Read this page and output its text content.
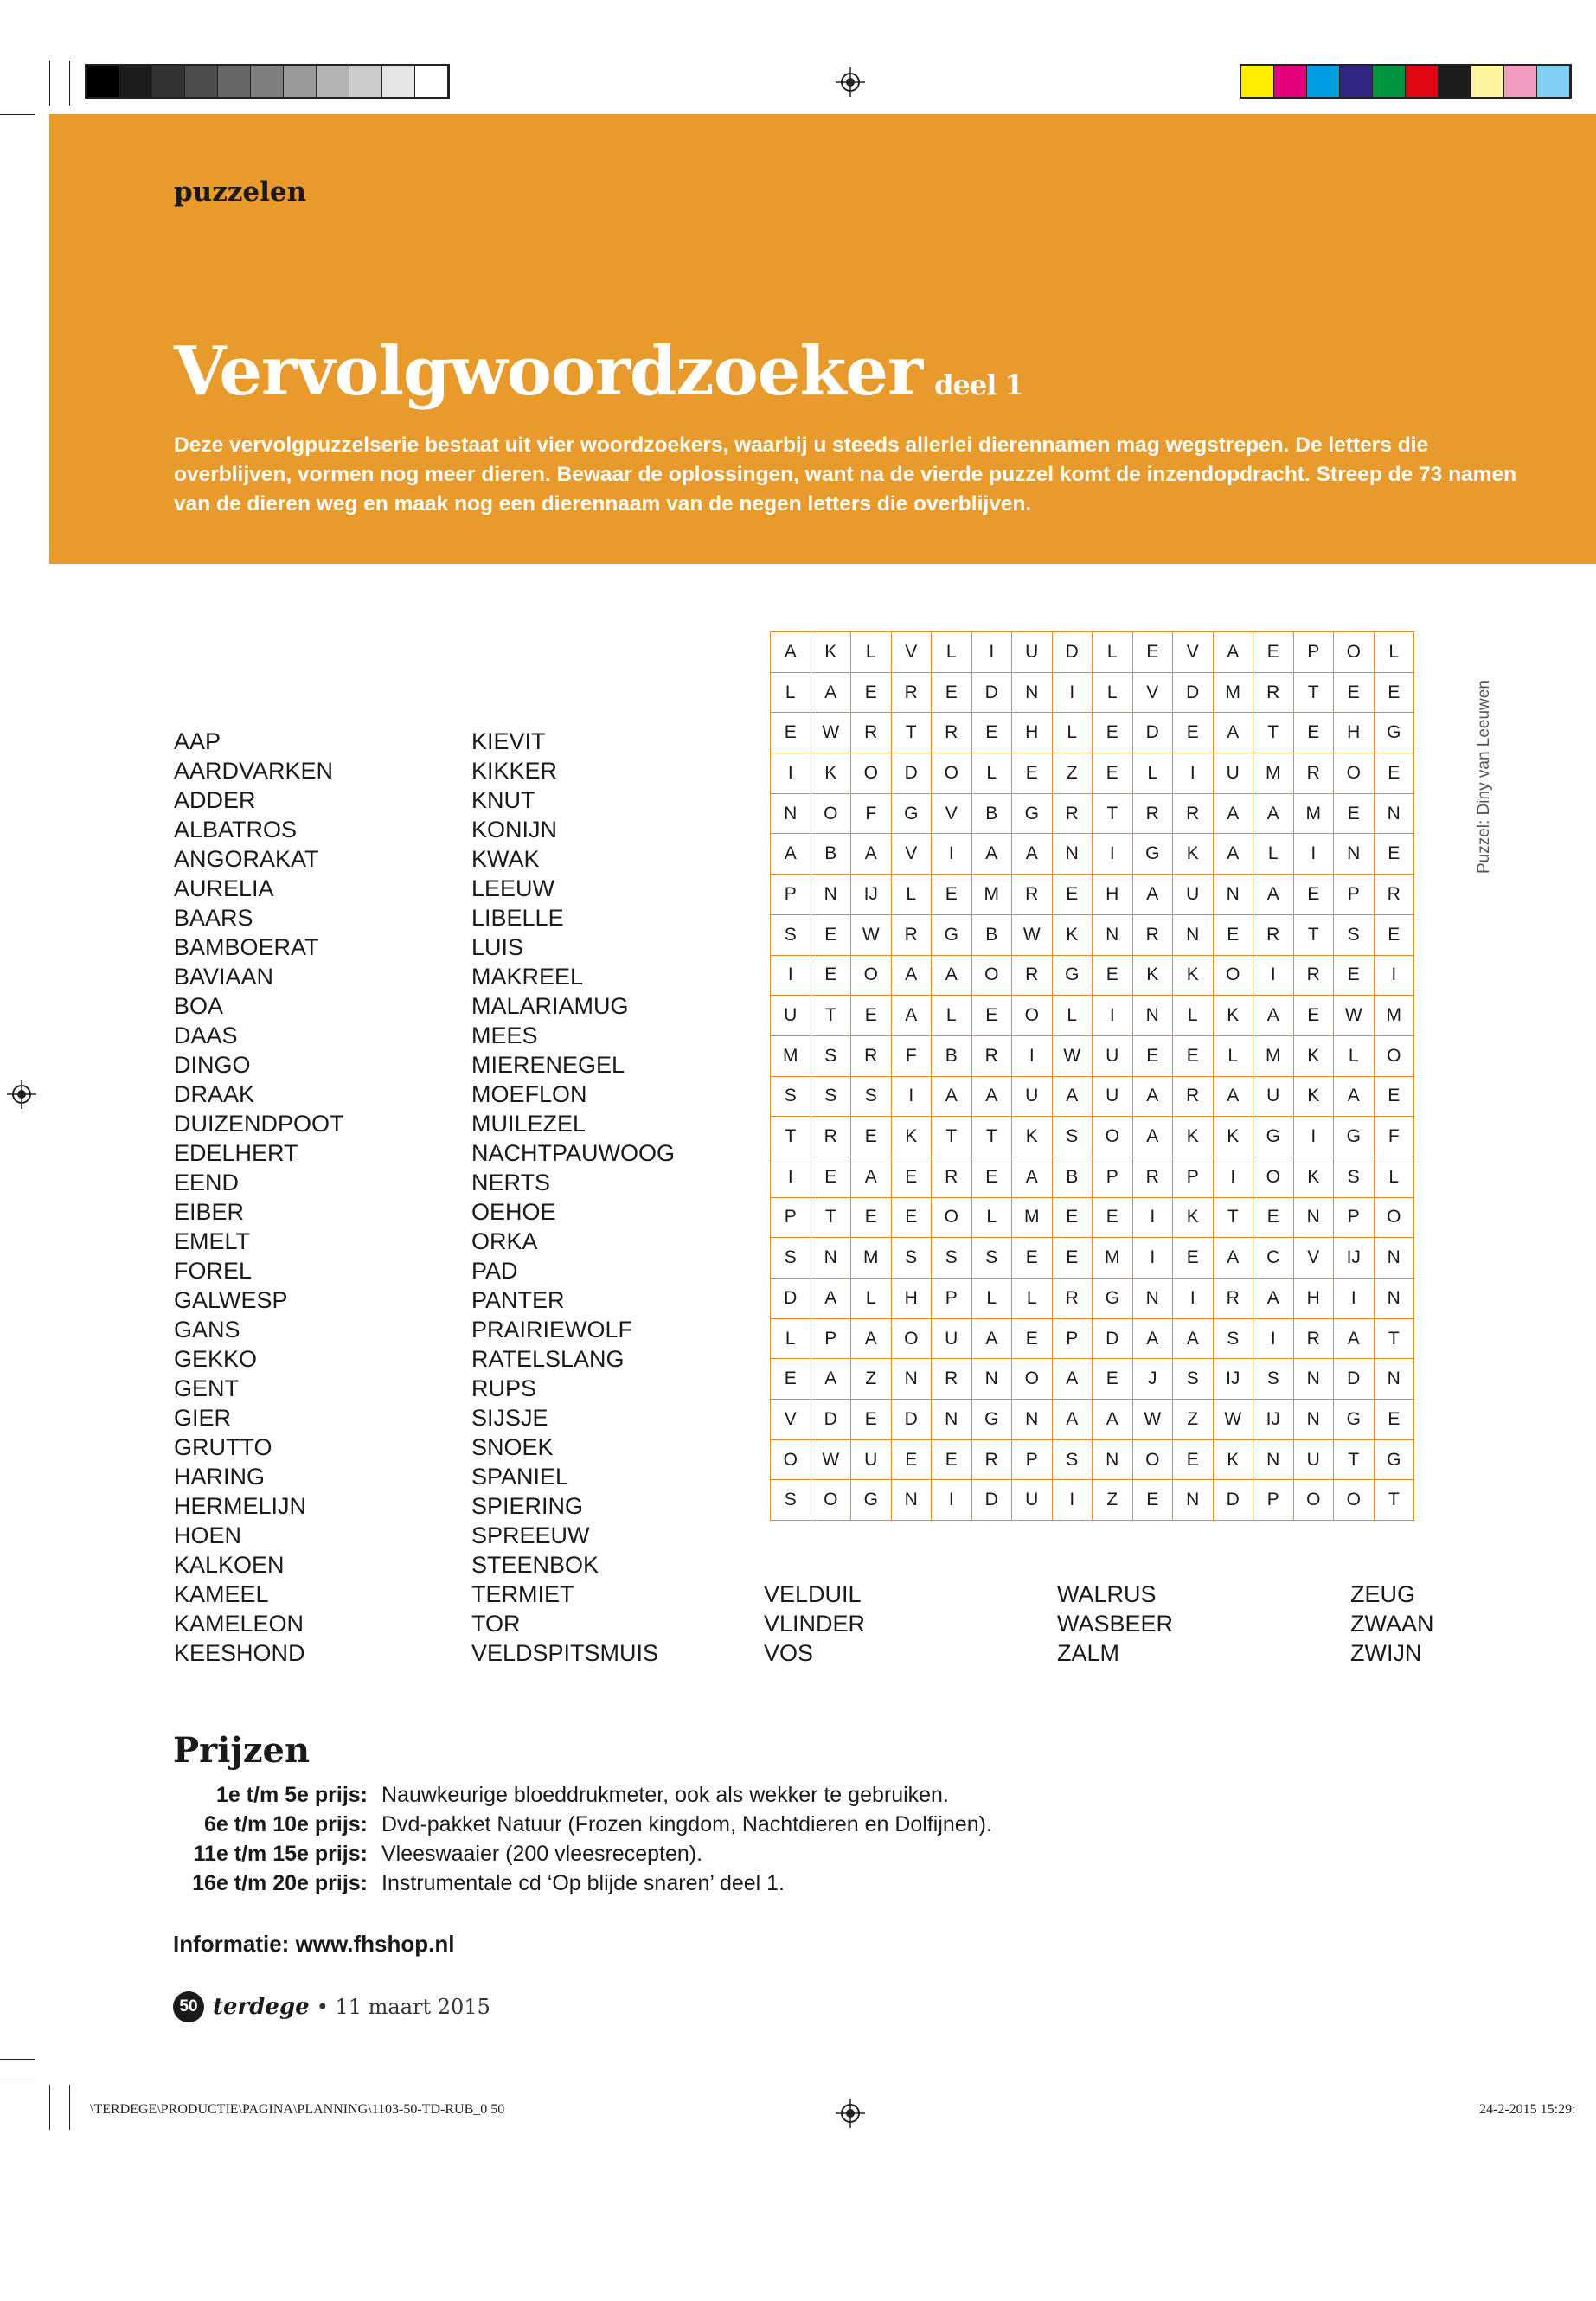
puzzelen
Vervolgwoordzoeker deel 1
Deze vervolgpuzzelserie bestaat uit vier woordzoekers, waarbij u steeds allerlei dierennamen mag wegstrepen. De letters die overblijven, vormen nog meer dieren. Bewaar de oplossingen, want na de vierde puzzel komt de inzendopdracht. Streep de 73 namen van de dieren weg en maak nog een dierennaam van de negen letters die overblijven.
AAP
AARDVARKEN
ADDER
ALBATROS
ANGORAKAT
AURELIA
BAARS
BAMBOERAT
BAVIAAN
BOA
DAAS
DINGO
DRAAK
DUIZENDPOOT
EDELHERT
EEND
EIBER
EMELT
FOREL
GALWESP
GANS
GEKKO
GENT
GIER
GRUTTO
HARING
HERMELIJN
HOEN
KALKOEN
KAMEEL
KAMELEON
KEESHOND
KIEVIT
KIKKER
KNUT
KONIJN
KWAK
LEEUW
LIBELLE
LUIS
MAKREEL
MALARIAMUG
MEES
MIERENEGEL
MOEFLON
MUILEZEL
NACHTPAUWOOG
NERTS
OEHOE
ORKA
PAD
PANTER
PRAIRIEWOLF
RATELSLANG
RUPS
SIJSJE
SNOEK
SPANIEL
SPIERING
SPREEUW
STEENBOK
TERMIET
TOR
VELDSPITSMUIS
A	K	L	V	L	I	U	D	L	E	V	A	E	P	O	L
L	A	E	R	E	D	N	I	L	V	D	M	R	T	E	E
E	W	R	T	R	E	H	L	E	D	E	A	T	E	H	G
I	K	O	D	O	L	E	Z	E	L	I	U	M	R	O	E
N	O	F	G	V	B	G	R	T	R	R	A	A	M	E	N
A	B	A	V	I	A	A	N	I	G	K	A	L	I	N	E
P	N	IJ	L	E	M	R	E	H	A	U	N	A	E	P	R
S	E	W	R	G	B	W	K	N	R	N	E	R	T	S	E
I	E	O	A	A	O	R	G	E	K	K	O	I	R	E	I
U	T	E	A	L	E	O	L	I	N	L	K	A	E	W	M
M	S	R	F	B	R	I	W	U	E	E	L	M	K	L	O
S	S	S	I	A	A	U	A	U	A	R	A	U	K	A	E
T	R	E	K	T	T	K	S	O	A	K	K	G	I	G	F
I	E	A	E	R	E	A	B	P	R	P	I	O	K	S	L
P	T	E	E	O	L	M	E	E	I	K	T	E	N	P	O
S	N	M	S	S	S	E	E	M	I	E	A	C	V	IJ	N
D	A	L	H	P	L	L	R	G	N	I	R	A	H	I	N
L	P	A	O	U	A	E	P	D	A	A	S	I	R	A	T
E	A	Z	N	R	N	O	A	E	J	S	IJ	S	N	D	N
V	D	E	D	N	G	N	A	A	W	Z	W	IJ	N	G	E
O	W	U	E	E	R	P	S	N	O	E	K	N	U	T	G
S	O	G	N	I	D	U	I	Z	E	N	D	P	O	O	T
Puzzel: Diny van Leeuwen
VELDUIL
VLINDER
VOS
WALRUS
WASBEER
ZALM
ZEUG
ZWAAN
ZWIJN
Prijzen
1e t/m 5e prijs: Nauwkeurige bloeddrukmeter, ook als wekker te gebruiken.
6e t/m 10e prijs: Dvd-pakket Natuur (Frozen kingdom, Nachtdieren en Dolfijnen).
11e t/m 15e prijs: Vleeswaaier (200 vleesrecepten).
16e t/m 20e prijs: Instrumentale cd ‘Op blijde snaren’ deel 1.
Informatie: www.fhshop.nl
50 terdege • 11 maart 2015
\TERDEGE\PRODUCTIE\PAGINA\PLANNING\1103-50-TD-RUB_0 50	24-2-2015 15:29:
